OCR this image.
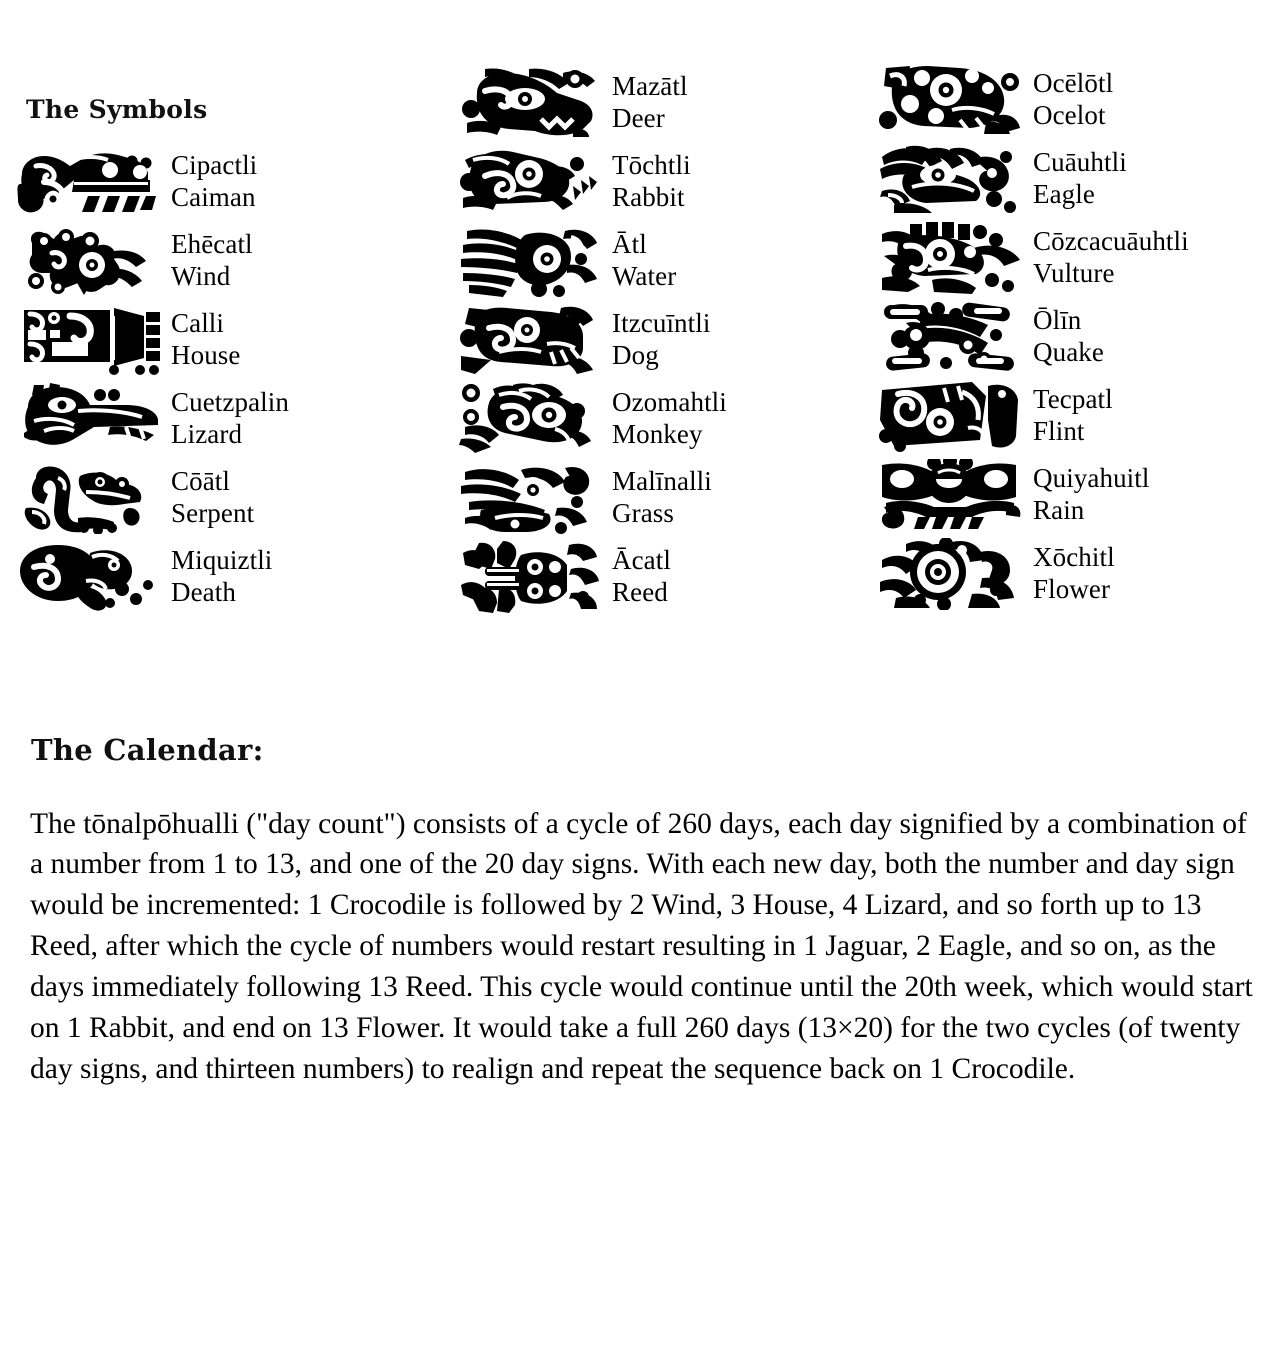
The Symbols
Cipactli
Caiman
Ehēcatl
Wind
Calli
House
Cuetzpalin
Lizard
Cōātl
Serpent
Miquiztli
Death
Mazātl
Deer
Tōchtli
Rabbit
Ātl
Water
Itzcuīntli
Dog
Ozomahtli
Monkey
Malīnalli
Grass
Ācatl
Reed
Ocēlōtl
Ocelot
Cuāuhtli
Eagle
Cōzcacuāuhtli
Vulture
Ōlīn
Quake
Tecpatl
Flint
Quiyahuitl
Rain
Xōchitl
Flower
The Calendar:

The tōnalpōhualli ("day count") consists of a cycle of 260 days, each day signified by a combination of a number from 1 to 13, and one of the 20 day signs. With each new day, both the number and day sign would be incremented: 1 Crocodile is followed by 2 Wind, 3 House, 4 Lizard, and so forth up to 13 Reed, after which the cycle of numbers would restart resulting in 1 Jaguar, 2 Eagle, and so on, as the days immediately following 13 Reed. This cycle would continue until the 20th week, which would start on 1 Rabbit, and end on 13 Flower. It would take a full 260 days (13×20) for the two cycles (of twenty day signs, and thirteen numbers) to realign and repeat the sequence back on 1 Crocodile.
